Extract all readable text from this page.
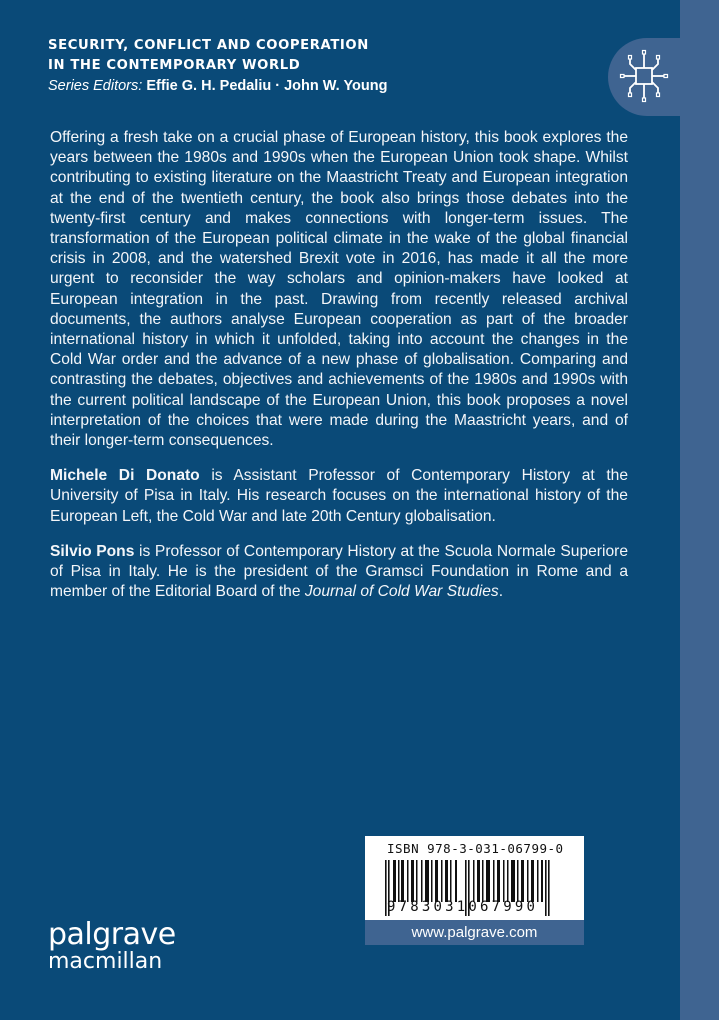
SECURITY, CONFLICT AND COOPERATION
IN THE CONTEMPORARY WORLD
Series Editors: Effie G. H. Pedaliu · John W. Young

Offering a fresh take on a crucial phase of European history, this book explores the years between the 1980s and 1990s when the European Union took shape. Whilst contributing to existing literature on the Maastricht Treaty and European integration at the end of the twentieth century, the book also brings those debates into the twenty-first century and makes connections with longer-term issues. The transformation of the European political climate in the wake of the global financial crisis in 2008, and the watershed Brexit vote in 2016, has made it all the more urgent to reconsider the way scholars and opinion-makers have looked at European integration in the past. Drawing from recently released archival documents, the authors analyse European cooperation as part of the broader international history in which it unfolded, taking into account the changes in the Cold War order and the advance of a new phase of globalisation. Comparing and contrasting the debates, objectives and achievements of the 1980s and 1990s with the current political landscape of the European Union, this book proposes a novel interpretation of the choices that were made during the Maastricht years, and of their longer-term consequences.

Michele Di Donato is Assistant Professor of Contemporary History at the University of Pisa in Italy. His research focuses on the international history of the European Left, the Cold War and late 20th Century globalisation.

Silvio Pons is Professor of Contemporary History at the Scuola Normale Superiore of Pisa in Italy. He is the president of the Gramsci Foundation in Rome and a member of the Editorial Board of the Journal of Cold War Studies.

ISBN 978-3-031-06799-0
9783031067990
www.palgrave.com
palgrave
macmillan
